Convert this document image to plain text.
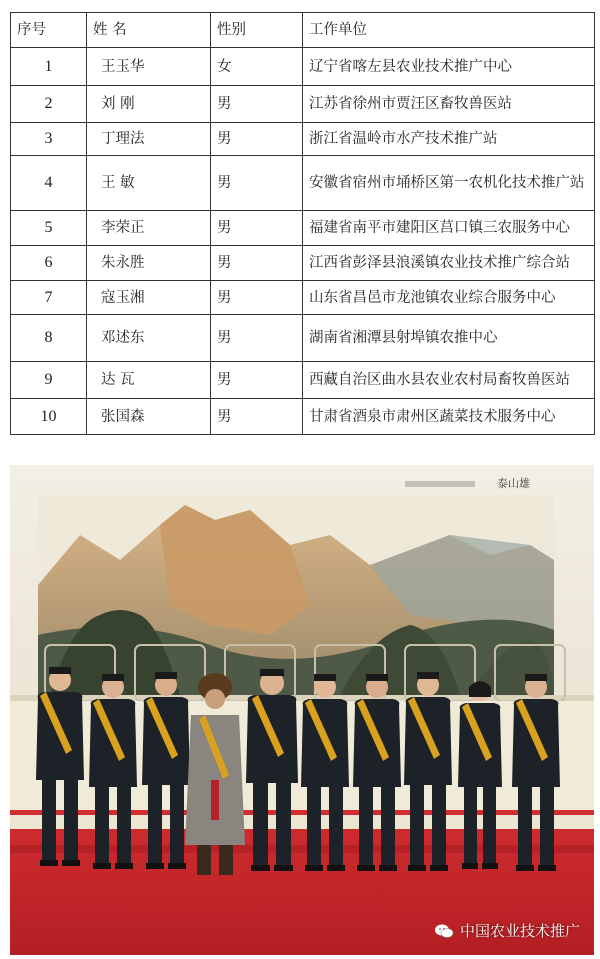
序号	姓 名	性别	工作单位
1	王玉华	女	辽宁省喀左县农业技术推广中心
2	刘 刚	男	江苏省徐州市贾汪区畜牧兽医站
3	丁理法	男	浙江省温岭市水产技术推广站
4	王 敏	男	安徽省宿州市埇桥区第一农机化技术推广站
5	李荣正	男	福建省南平市建阳区莒口镇三农服务中心
6	朱永胜	男	江西省彭泽县浪溪镇农业技术推广综合站
7	寇玉湘	男	山东省昌邑市龙池镇农业综合服务中心
8	邓述东	男	湖南省湘潭县射埠镇农推中心
9	达 瓦	男	西藏自治区曲水县农业农村局畜牧兽医站
10	张国森	男	甘肃省酒泉市肃州区蔬菜技术服务中心
泰山雄
中国农业技术推广
